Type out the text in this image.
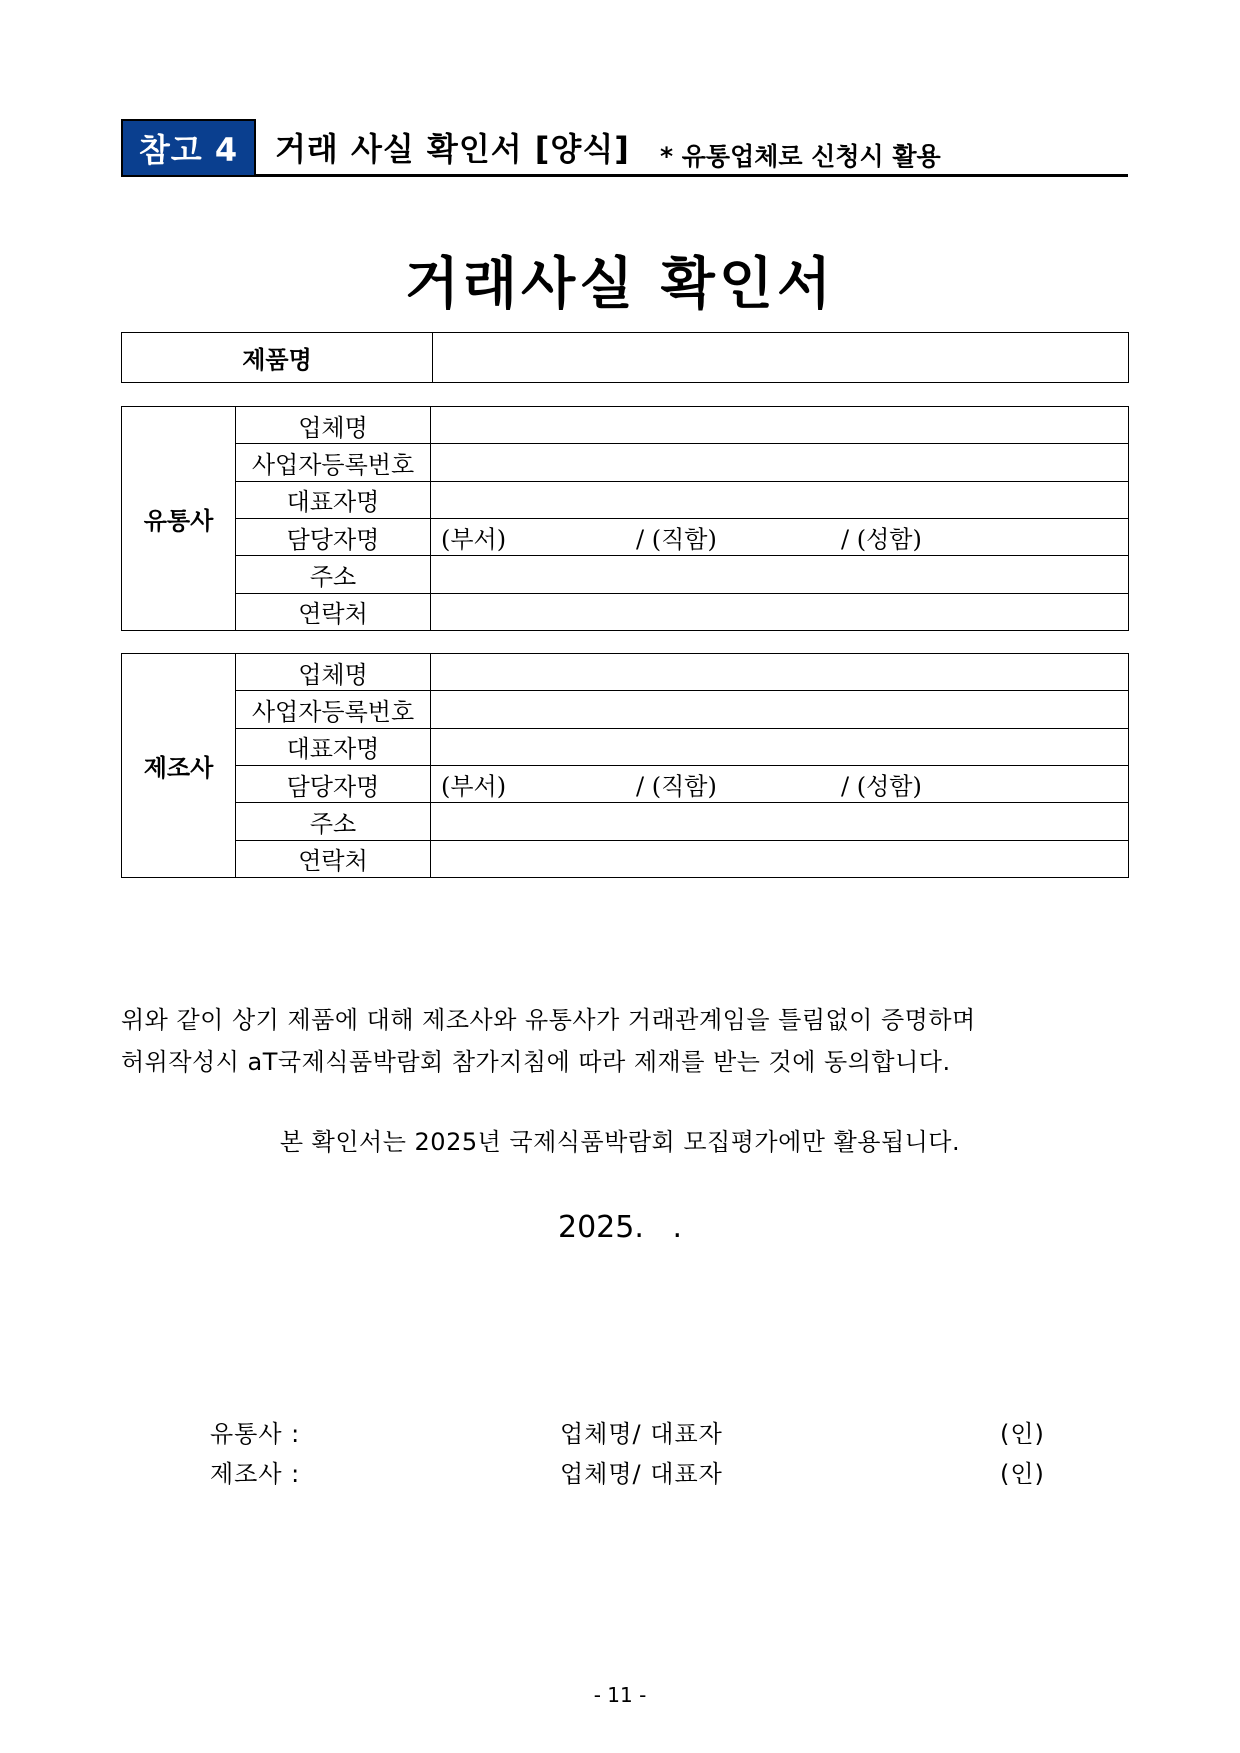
참고 4	거래 사실 확인서 [양식] * 유통업체로 신청시 활용
거래사실 확인서
제품명	
유통사	업체명	
	사업자등록번호	
	대표자명	
	담당자명	(부서) / (직함) / (성함)

	주소	
	연락처	
제조사	업체명	
	사업자등록번호	
	대표자명	
	담당자명	(부서) / (직함) / (성함)

	주소	
	연락처	
위와 같이 상기 제품에 대해 제조사와 유통사가 거래관계임을 틀림없이 증명하며
허위작성시 aT국제식품박람회 참가지침에 따라 제재를 받는 것에 동의합니다.
본 확인서는 2025년 국제식품박람회 모집평가에만 활용됩니다.
2025.   .
유통사 :	업체명/ 대표자	(인)
제조사 :	업체명/ 대표자	(인)
- 11 -
